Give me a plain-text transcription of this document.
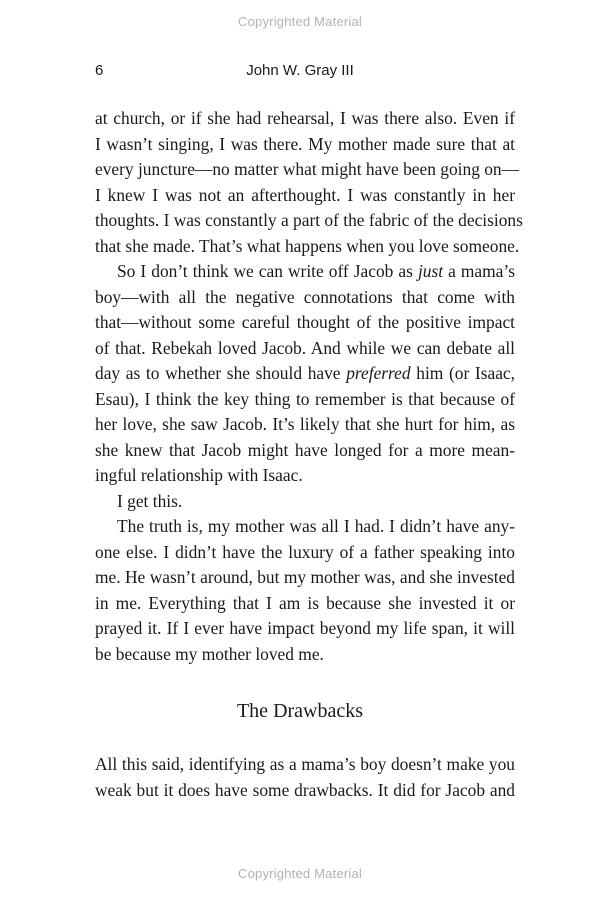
Copyrighted Material
6	John W. Gray III
at church, or if she had rehearsal, I was there also. Even if
I wasn’t singing, I was there. My mother made sure that at
every juncture—no matter what might have been going on—
I knew I was not an afterthought. I was constantly in her
thoughts. I was constantly a part of the fabric of the decisions
that she made. That’s what happens when you love someone.
So I don’t think we can write off Jacob as just a mama’s
boy—with all the negative connotations that come with
that—without some careful thought of the positive impact
of that. Rebekah loved Jacob. And while we can debate all
day as to whether she should have preferred him (or Isaac,
Esau), I think the key thing to remember is that because of
her love, she saw Jacob. It’s likely that she hurt for him, as
she knew that Jacob might have longed for a more mean-
ingful relationship with Isaac.
I get this.
The truth is, my mother was all I had. I didn’t have any-
one else. I didn’t have the luxury of a father speaking into
me. He wasn’t around, but my mother was, and she invested
in me. Everything that I am is because she invested it or
prayed it. If I ever have impact beyond my life span, it will
be because my mother loved me.
The Drawbacks
All this said, identifying as a mama’s boy doesn’t make you
weak but it does have some drawbacks. It did for Jacob and
Copyrighted Material
